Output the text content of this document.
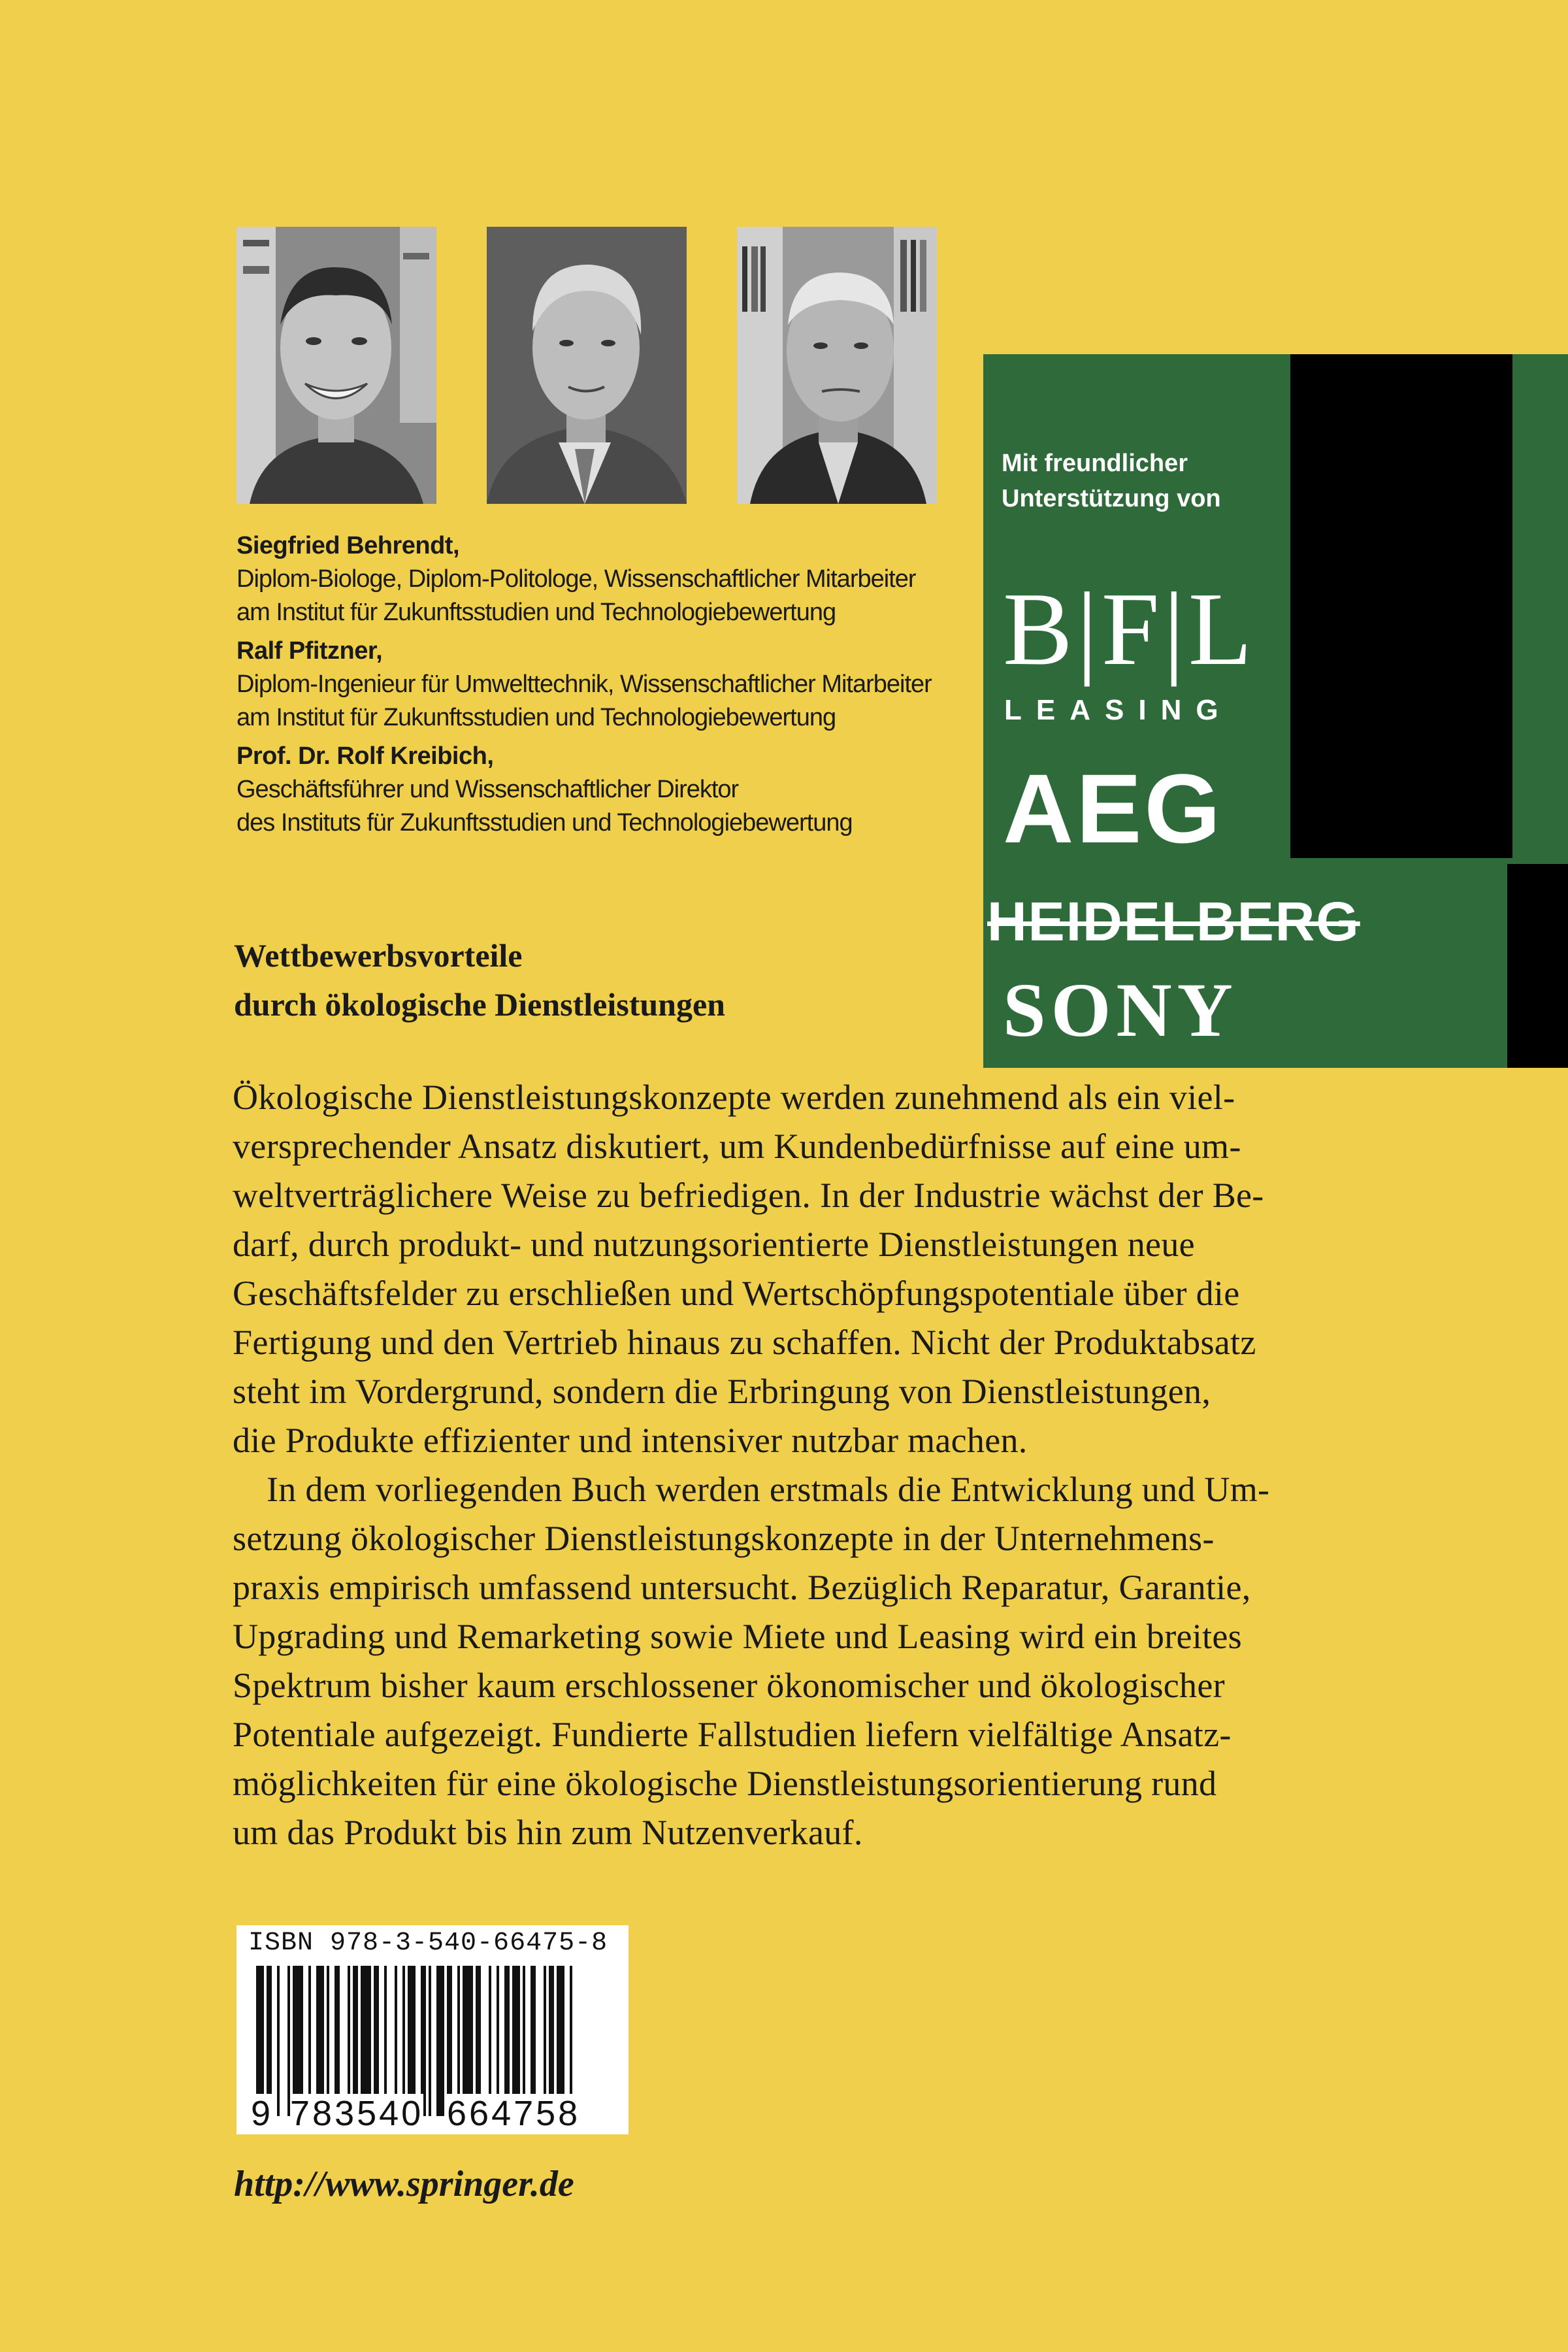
Siegfried Behrendt,
Diplom-Biologe, Diplom-Politologe, Wissenschaftlicher Mitarbeiter
am Institut für Zukunftsstudien und Technologiebewertung
Ralf Pfitzner,
Diplom-Ingenieur für Umwelttechnik, Wissenschaftlicher Mitarbeiter
am Institut für Zukunftsstudien und Technologiebewertung
Prof. Dr. Rolf Kreibich,
Geschäftsführer und Wissenschaftlicher Direktor
des Instituts für Zukunftsstudien und Technologiebewertung
Mit freundlicher
Unterstützung von
B|F|L
LEASING
AEG
HEIDELBERG
SONY
Wettbewerbsvorteile
durch ökologische Dienstleistungen
Ökologische Dienstleistungskonzepte werden zunehmend als ein viel-
versprechender Ansatz diskutiert, um Kundenbedürfnisse auf eine um-
weltverträglichere Weise zu befriedigen. In der Industrie wächst der Be-
darf, durch produkt- und nutzungsorientierte Dienstleistungen neue
Geschäftsfelder zu erschließen und Wertschöpfungspotentiale über die
Fertigung und den Vertrieb hinaus zu schaffen. Nicht der Produktabsatz
steht im Vordergrund, sondern die Erbringung von Dienstleistungen,
die Produkte effizienter und intensiver nutzbar machen.
In dem vorliegenden Buch werden erstmals die Entwicklung und Um-
setzung ökologischer Dienstleistungskonzepte in der Unternehmens-
praxis empirisch umfassend untersucht. Bezüglich Reparatur, Garantie,
Upgrading und Remarketing sowie Miete und Leasing wird ein breites
Spektrum bisher kaum erschlossener ökonomischer und ökologischer
Potentiale aufgezeigt. Fundierte Fallstudien liefern vielfältige Ansatz-
möglichkeiten für eine ökologische Dienstleistungsorientierung rund
um das Produkt bis hin zum Nutzenverkauf.
ISBN 978-3-540-66475-8
9 783540 664758
http://www.springer.de
